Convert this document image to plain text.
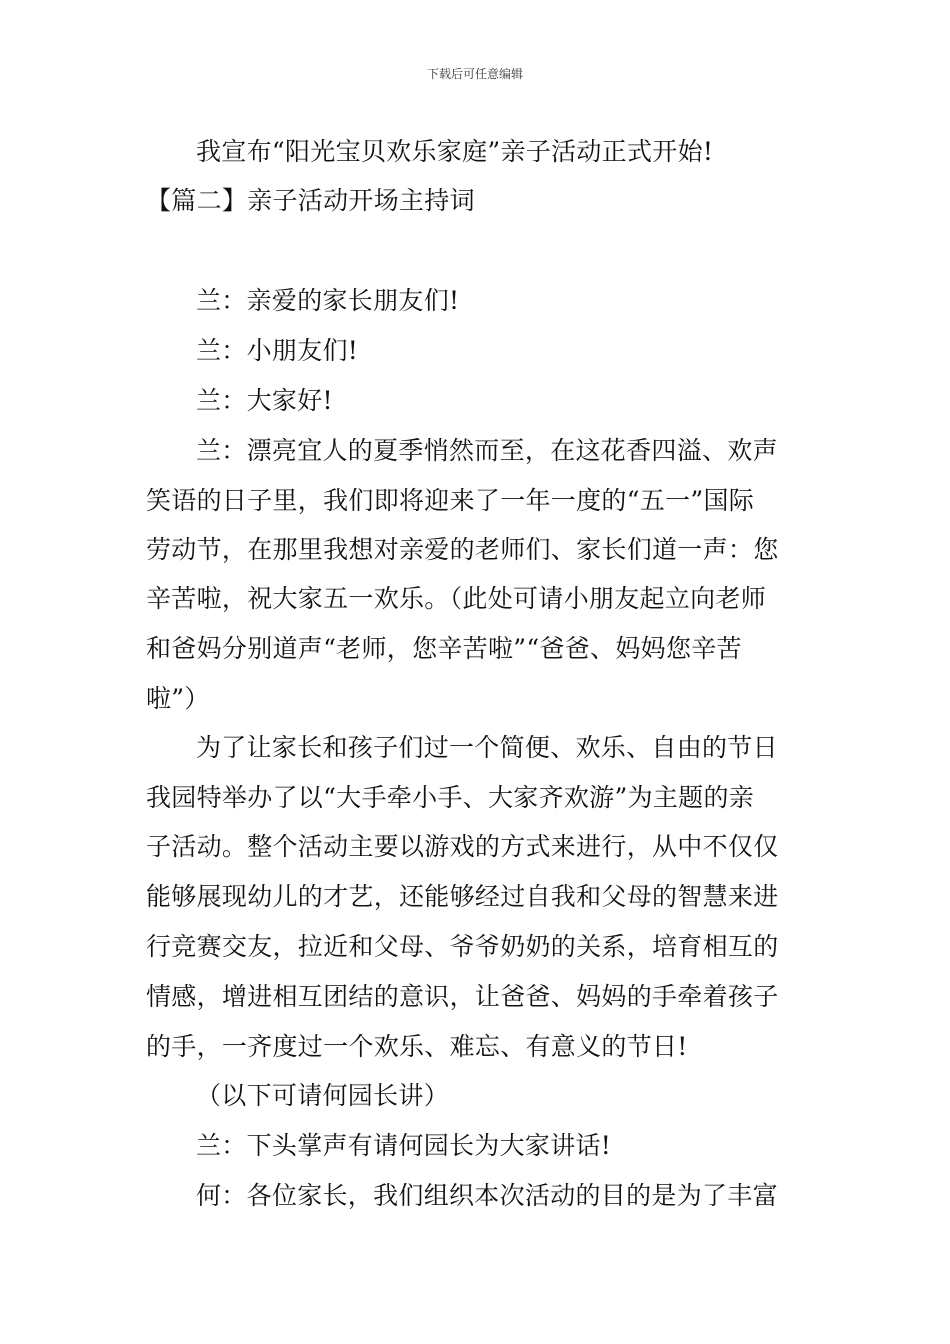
下载后可任意编辑
我宣布“阳光宝贝欢乐家庭”亲子活动正式开始!
【篇二】亲子活动开场主持词
兰：亲爱的家长朋友们!
兰：小朋友们!
兰：大家好!
兰：漂亮宜人的夏季悄然而至，在这花香四溢、欢声
笑语的日子里，我们即将迎来了一年一度的“五一”国际
劳动节，在那里我想对亲爱的老师们、家长们道一声：您
辛苦啦，祝大家五一欢乐。（此处可请小朋友起立向老师
和爸妈分别道声“老师，您辛苦啦”“爸爸、妈妈您辛苦
啦”）
为了让家长和孩子们过一个简便、欢乐、自由的节日
我园特举办了以“大手牵小手、大家齐欢游”为主题的亲
子活动。整个活动主要以游戏的方式来进行，从中不仅仅
能够展现幼儿的才艺，还能够经过自我和父母的智慧来进
行竞赛交友，拉近和父母、爷爷奶奶的关系，培育相互的
情感，增进相互团结的意识，让爸爸、妈妈的手牵着孩子
的手，一齐度过一个欢乐、难忘、有意义的节日!
（以下可请何园长讲）
兰：下头掌声有请何园长为大家讲话!
何：各位家长，我们组织本次活动的目的是为了丰富
